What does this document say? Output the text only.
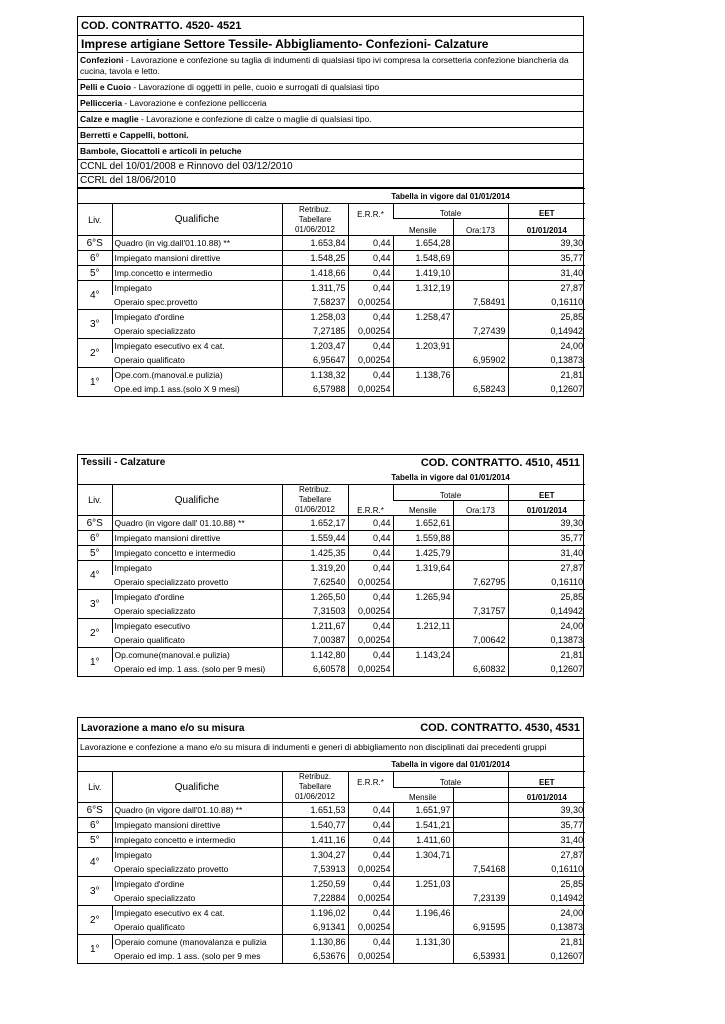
COD. CONTRATTO. 4520- 4521
Imprese artigiane Settore Tessile- Abbigliamento- Confezioni- Calzature
Confezioni - Lavorazione e confezione su taglia di indumenti di qualsiasi tipo ivi compresa la corsetteria confezione biancheria da cucina, tavola e letto.
Pelli e Cuoio - Lavorazione di oggetti in pelle, cuoio e surrogati di qualsiasi tipo
Pellicceria - Lavorazione e confezione pellicceria
Calze e maglie - Lavorazione e confezione di calze o maglie di qualsiasi tipo.
Berretti e Cappelli, bottoni.
Bambole, Giocattoli e articoli in peluche
CCNL del 10/01/2008 e Rinnovo del 03/12/2010
CCRL del 18/06/2010
Tabella in vigore dal 01/01/2014						
Liv.	Qualifiche	Retribuz. Tabellare 01/06/2012	E.R.R.*	Totale		EET
				Mensile	Ora:173	01/01/2014
6°S	Quadro (in vig.dall'01.10.88) **	1.653,84	0,44	1.654,28		39,30
6°	Impiegato mansioni direttive	1.548,25	0,44	1.548,69		35,77
5°	Imp.concetto e intermedio	1.418,66	0,44	1.419,10		31,40
4°	Impiegato	1.311,75	0,44	1.312,19		27,87
	Operaio spec.provetto	7,58237	0,00254		7,58491	0,16110
3°	Impiegato d'ordine	1.258,03	0,44	1.258,47		25,85
	Operaio specializzato	7,27185	0,00254		7,27439	0,14942
2°	Impiegato esecutivo ex 4 cat.	1.203,47	0,44	1.203,91		24,00
	Operaio qualificato	6,95647	0,00254		6,95902	0,13873
1°	Ope.com.(manoval.e pulizia)	1.138,32	0,44	1.138,76		21,81
	Ope.ed imp.1 ass.(solo X 9 mesi)	6,57988	0,00254		6,58243	0,12607
Tessili - Calzature	COD. CONTRATTO. 4510, 4511
Tabella in vigore dal 01/01/2014						
Liv.	Qualifiche	Retribuz. Tabellare 01/06/2012	E.R.R.*	Totale		EET
				Mensile	Ora:173	01/01/2014
6°S	Quadro (in vigore dall' 01.10.88) **	1.652,17	0,44	1.652,61		39,30
6°	Impiegato mansioni direttive	1.559,44	0,44	1.559,88		35,77
5°	Impiegato concetto e intermedio	1.425,35	0,44	1.425,79		31,40
4°	Impiegato	1.319,20	0,44	1.319,64		27,87
	Operaio specializzato provetto	7,62540	0,00254		7,62795	0,16110
3°	Impiegato d'ordine	1.265,50	0,44	1.265,94		25,85
	Operaio specializzato	7,31503	0,00254		7,31757	0,14942
2°	Impiegato esecutivo	1.211,67	0,44	1.212,11		24,00
	Operaio qualificato	7,00387	0,00254		7,00642	0,13873
1°	Op.comune(manoval.e pulizia)	1.142,80	0,44	1.143,24		21,81
	Operaio ed imp. 1 ass. (solo per 9 mesi)	6,60578	0,00254		6,60832	0,12607
Lavorazione a mano e/o su misura	COD. CONTRATTO. 4530, 4531
Lavorazione e confezione a mano e/o su misura di indumenti e generi di abbigliamento non disciplinati dai precedenti gruppi
Tabella in vigore dal 01/01/2014						
Liv.	Qualifiche	Retribuz. Tabellare 01/06/2012	E.R.R.*	Totale		EET
				Mensile		01/01/2014
6°S	Quadro (in vigore dall'01.10.88) **	1.651,53	0,44	1.651,97		39,30
6°	Impiegato mansioni direttive	1.540,77	0,44	1.541,21		35,77
5°	Impiegato concetto e intermedio	1.411,16	0,44	1.411,60		31,40
4°	Impiegato	1.304,27	0,44	1.304,71		27,87
	Operaio specializzato provetto	7,53913	0,00254		7,54168	0,16110
3°	Impiegato d'ordine	1.250,59	0,44	1.251,03		25,85
	Operaio specializzato	7,22884	0,00254		7,23139	0,14942
2°	Impiegato esecutivo ex 4 cat.	1.196,02	0,44	1.196,46		24,00
	Operaio qualificato	6,91341	0,00254		6,91595	0,13873
1°	Operaio comune (manovalanza e pulizia	1.130,86	0,44	1.131,30		21,81
	Operaio ed imp. 1 ass. (solo per 9 mes	6,53676	0,00254		6,53931	0,12607
